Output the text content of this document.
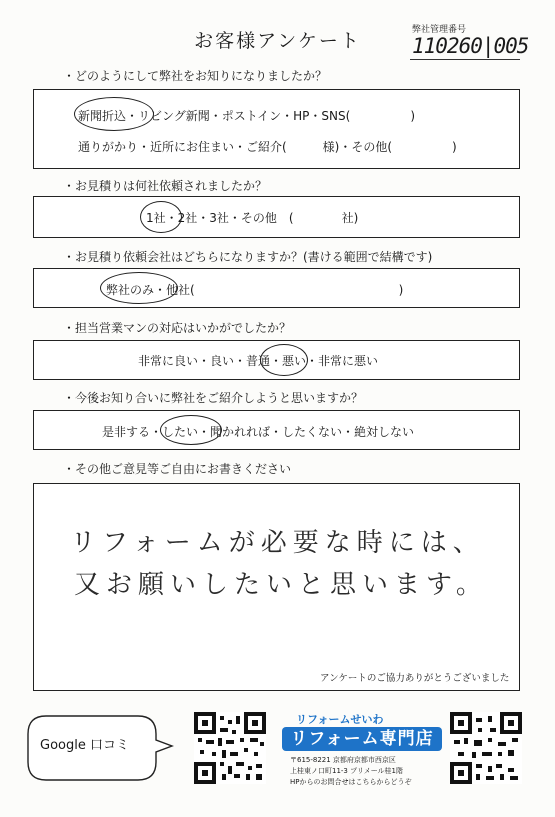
お客様アンケート	弊社管理番号
110260|005
・どのようにして弊社をお知りになりましたか？
新聞折込・リビング新聞・ポストイン・HP・SNS(　　　　　)
通りがかり・近所にお住まい・ご紹介(　　　様)・その他(　　　　　)
・お見積りは何社依頼されましたか？
1社・2社・3社・その他　(　　　　社)
・お見積り依頼会社はどちらになりますか？(書ける範囲で結構です)
弊社のみ・他社(　　　　　　　　　　　　　　　　　)
・担当営業マンの対応はいかがでしたか？
非常に良い・良い・普通・悪い・非常に悪い
・今後お知り合いに弊社をご紹介しようと思いますか？
是非する・したい・聞かれれば・したくない・絶対しない
・その他ご意見等ご自由にお書きください
リフォームが必要な時には、
又お願いしたいと思います。
アンケートのご協力ありがとうございました
Google 口コミ
リフォームせいわ
リフォーム専門店
〒615-8221 京都府京都市西京区
上桂東ノ口町11-3 プリメール桂1階
HPからのお問合せはこちらからどうぞ
